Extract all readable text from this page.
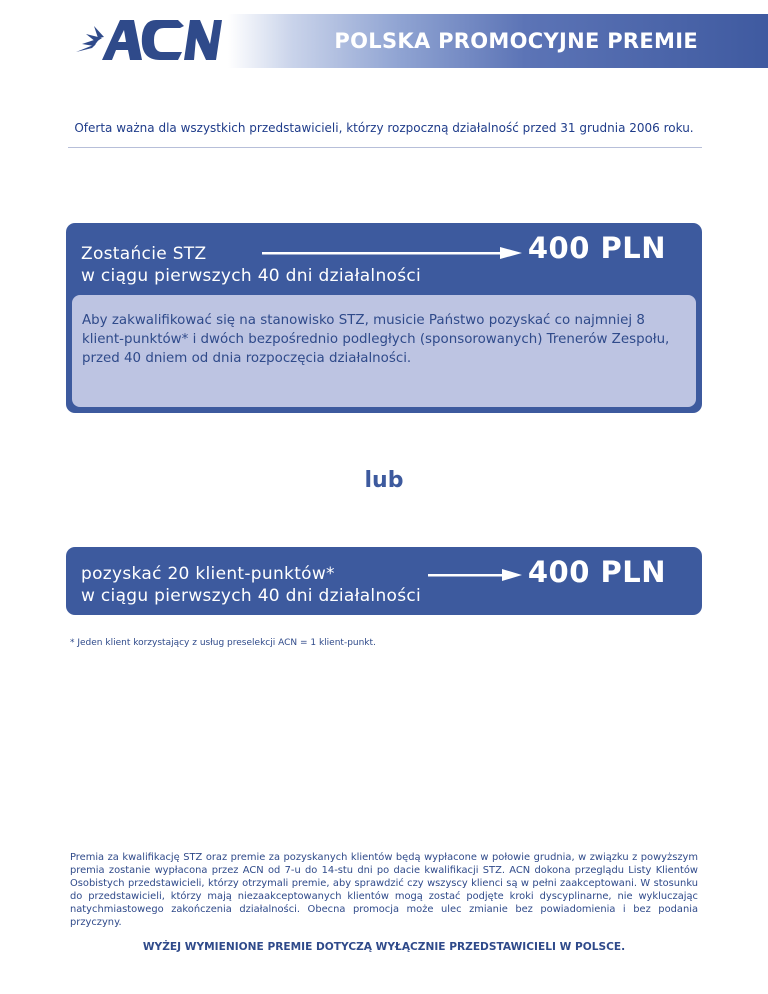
POLSKA PROMOCYJNE PREMIE
Oferta ważna dla wszystkich przedstawicieli, którzy rozpoczną działalność przed 31 grudnia 2006 roku.
Zostańcie STZ
w ciągu pierwszych 40 dni działalności
400 PLN
Aby zakwalifikować się na stanowisko STZ, musicie Państwo pozyskać co najmniej 8 klient-punktów* i dwóch bezpośrednio podległych (sponsorowanych) Trenerów Zespołu, przed 40 dniem od dnia rozpoczęcia działalności.
lub
pozyskać 20 klient-punktów*
w ciągu pierwszych 40 dni działalności
400 PLN
* Jeden klient korzystający z usług preselekcji ACN = 1 klient-punkt.
Premia za kwalifikację STZ oraz premie za pozyskanych klientów będą wypłacone w połowie grudnia, w związku z powyższym premia zostanie wypłacona przez ACN od 7-u do 14-stu dni po dacie kwalifikacji STZ. ACN dokona przeglądu Listy Klientów Osobistych przedstawicieli, którzy otrzymali premie, aby sprawdzić czy wszyscy klienci są w pełni zaakceptowani. W stosunku do przedstawicieli, którzy mają niezaakceptowanych klientów mogą zostać podjęte kroki dyscyplinarne, nie wykluczając natychmiastowego zakończenia działalności. Obecna promocja może ulec zmianie bez powiadomienia i bez podania przyczyny.
WYŻEJ WYMIENIONE PREMIE DOTYCZĄ WYŁĄCZNIE PRZEDSTAWICIELI W POLSCE.
